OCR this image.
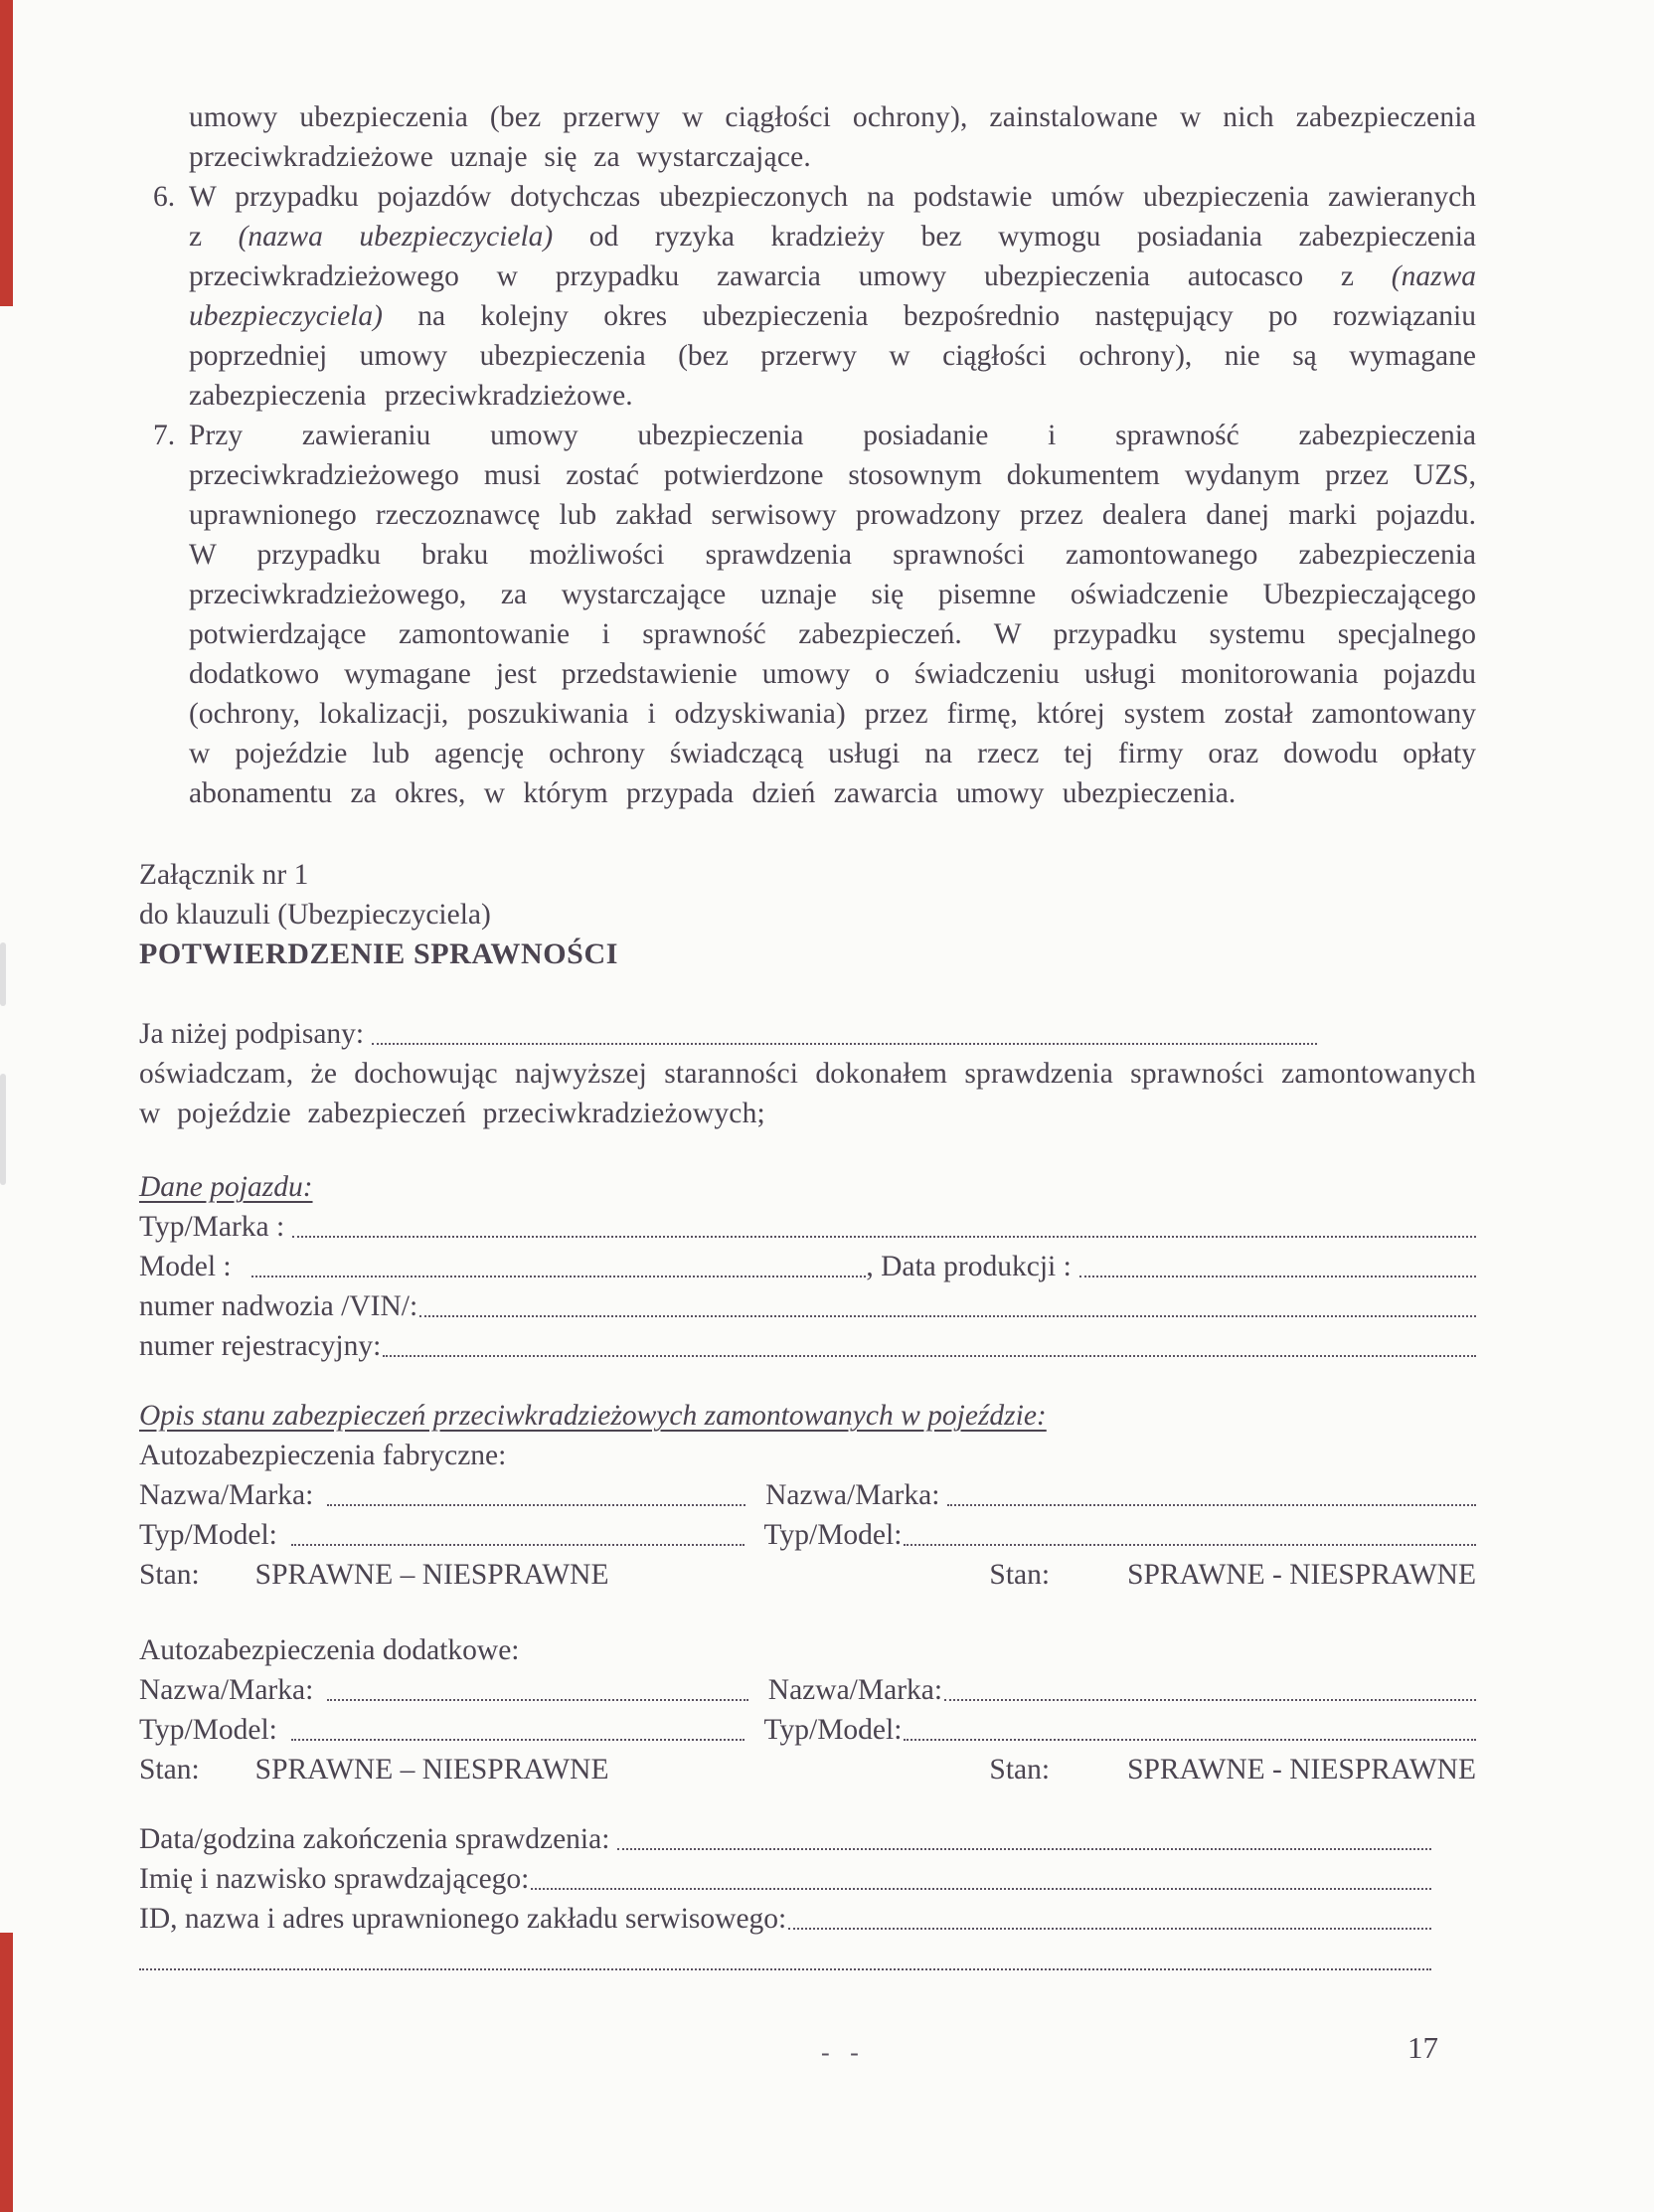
umowy ubezpieczenia (bez przerwy w ciągłości ochrony), zainstalowane w nich zabezpieczenia przeciwkradzieżowe uznaje się za wystarczające.

6. W przypadku pojazdów dotychczas ubezpieczonych na podstawie umów ubezpieczenia zawieranych z (nazwa ubezpieczyciela) od ryzyka kradzieży bez wymogu posiadania zabezpieczenia przeciwkradzieżowego w przypadku zawarcia umowy ubezpieczenia autocasco z (nazwa ubezpieczyciela) na kolejny okres ubezpieczenia bezpośrednio następujący po rozwiązaniu poprzedniej umowy ubezpieczenia (bez przerwy w ciągłości ochrony), nie są wymagane zabezpieczenia przeciwkradzieżowe.

7. Przy zawieraniu umowy ubezpieczenia posiadanie i sprawność zabezpieczenia przeciwkradzieżowego musi zostać potwierdzone stosownym dokumentem wydanym przez UZS, uprawnionego rzeczoznawcę lub zakład serwisowy prowadzony przez dealera danej marki pojazdu. W przypadku braku możliwości sprawdzenia sprawności zamontowanego zabezpieczenia przeciwkradzieżowego, za wystarczające uznaje się pisemne oświadczenie Ubezpieczającego potwierdzające zamontowanie i sprawność zabezpieczeń. W przypadku systemu specjalnego dodatkowo wymagane jest przedstawienie umowy o świadczeniu usługi monitorowania pojazdu (ochrony, lokalizacji, poszukiwania i odzyskiwania) przez firmę, której system został zamontowany w pojeździe lub agencję ochrony świadczącą usługi na rzecz tej firmy oraz dowodu opłaty abonamentu za okres, w którym przypada dzień zawarcia umowy ubezpieczenia.

Załącznik nr 1

do klauzuli (Ubezpieczyciela)

POTWIERDZENIE SPRAWNOŚCI

Ja niżej podpisany:

oświadczam, że dochowując najwyższej staranności dokonałem sprawdzenia sprawności zamontowanych w pojeździe zabezpieczeń przeciwkradzieżowych;

Dane pojazdu:

Typ/Marka :
Model :	, Data produkcji :
numer nadwozia /VIN/:
numer rejestracyjny:

Opis stanu zabezpieczeń przeciwkradzieżowych zamontowanych w pojeździe:

Autozabezpieczenia fabryczne:

Nazwa/Marka:	Nazwa/Marka:
Typ/Model:	Typ/Model:
Stan: SPRAWNE – NIESPRAWNE	Stan:	SPRAWNE - NIESPRAWNE

Autozabezpieczenia dodatkowe:

Nazwa/Marka:	Nazwa/Marka:
Typ/Model:	Typ/Model:
Stan: SPRAWNE – NIESPRAWNE	Stan:	SPRAWNE - NIESPRAWNE
Data/godzina zakończenia sprawdzenia:
Imię i nazwisko sprawdzającego:
ID, nazwa i adres uprawnionego zakładu serwisowego:
- -	17
